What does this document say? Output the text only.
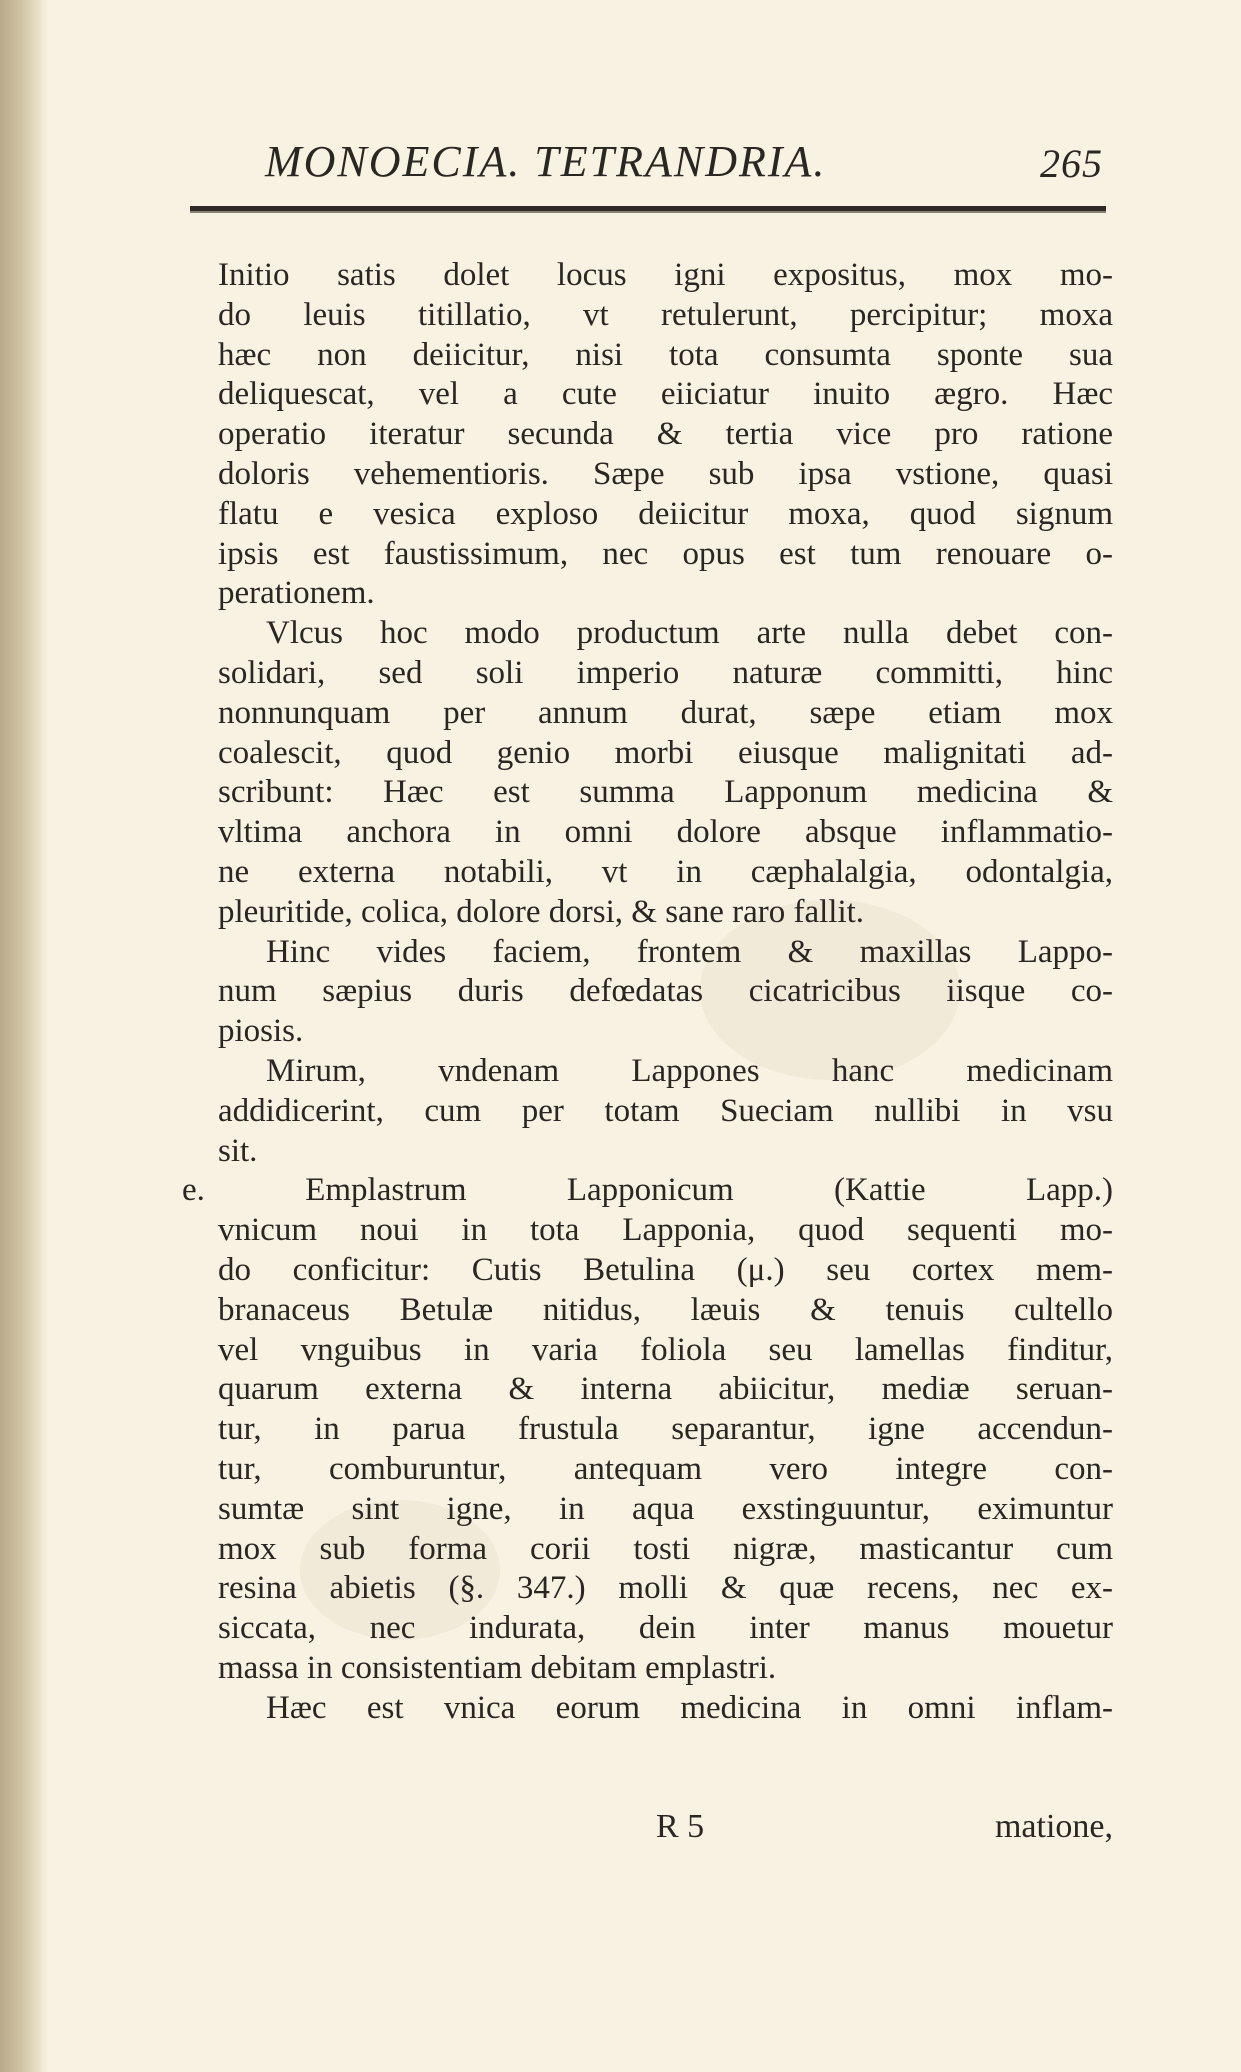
MONOECIA. TETRANDRIA.	265
Initio satis dolet locus igni expositus, mox mo-
do leuis titillatio, vt retulerunt, percipitur; moxa
hæc non deiicitur, nisi tota consumta sponte sua
deliquescat, vel a cute eiiciatur inuito ægro. Hæc
operatio iteratur secunda & tertia vice pro ratione
doloris vehementioris. Sæpe sub ipsa vstione, quasi
flatu e vesica exploso deiicitur moxa, quod signum
ipsis est faustissimum, nec opus est tum renouare o-
perationem.
Vlcus hoc modo productum arte nulla debet con-
solidari, sed soli imperio naturæ committi, hinc
nonnunquam per annum durat, sæpe etiam mox
coalescit, quod genio morbi eiusque malignitati ad-
scribunt: Hæc est summa Lapponum medicina &
vltima anchora in omni dolore absque inflammatio-
ne externa notabili, vt in cæphalalgia, odontalgia,
pleuritide, colica, dolore dorsi, & sane raro fallit.
Hinc vides faciem, frontem & maxillas Lappo-
num sæpius duris defœdatas cicatricibus iisque co-
piosis.
Mirum, vndenam Lappones hanc medicinam
addidicerint, cum per totam Sueciam nullibi in vsu
sit.
e. Emplastrum Lapponicum (Kattie Lapp.)
vnicum noui in tota Lapponia, quod sequenti mo-
do conficitur: Cutis Betulina (μ.) seu cortex mem-
branaceus Betulæ nitidus, læuis & tenuis cultello
vel vnguibus in varia foliola seu lamellas finditur,
quarum externa & interna abiicitur, mediæ seruan-
tur, in parua frustula separantur, igne accendun-
tur, comburuntur, antequam vero integre con-
sumtæ sint igne, in aqua exstinguuntur, eximuntur
mox sub forma corii tosti nigræ, masticantur cum
resina abietis (§. 347.) molli & quæ recens, nec ex-
siccata, nec indurata, dein inter manus mouetur
massa in consistentiam debitam emplastri.
Hæc est vnica eorum medicina in omni inflam-
R 5	matione,
